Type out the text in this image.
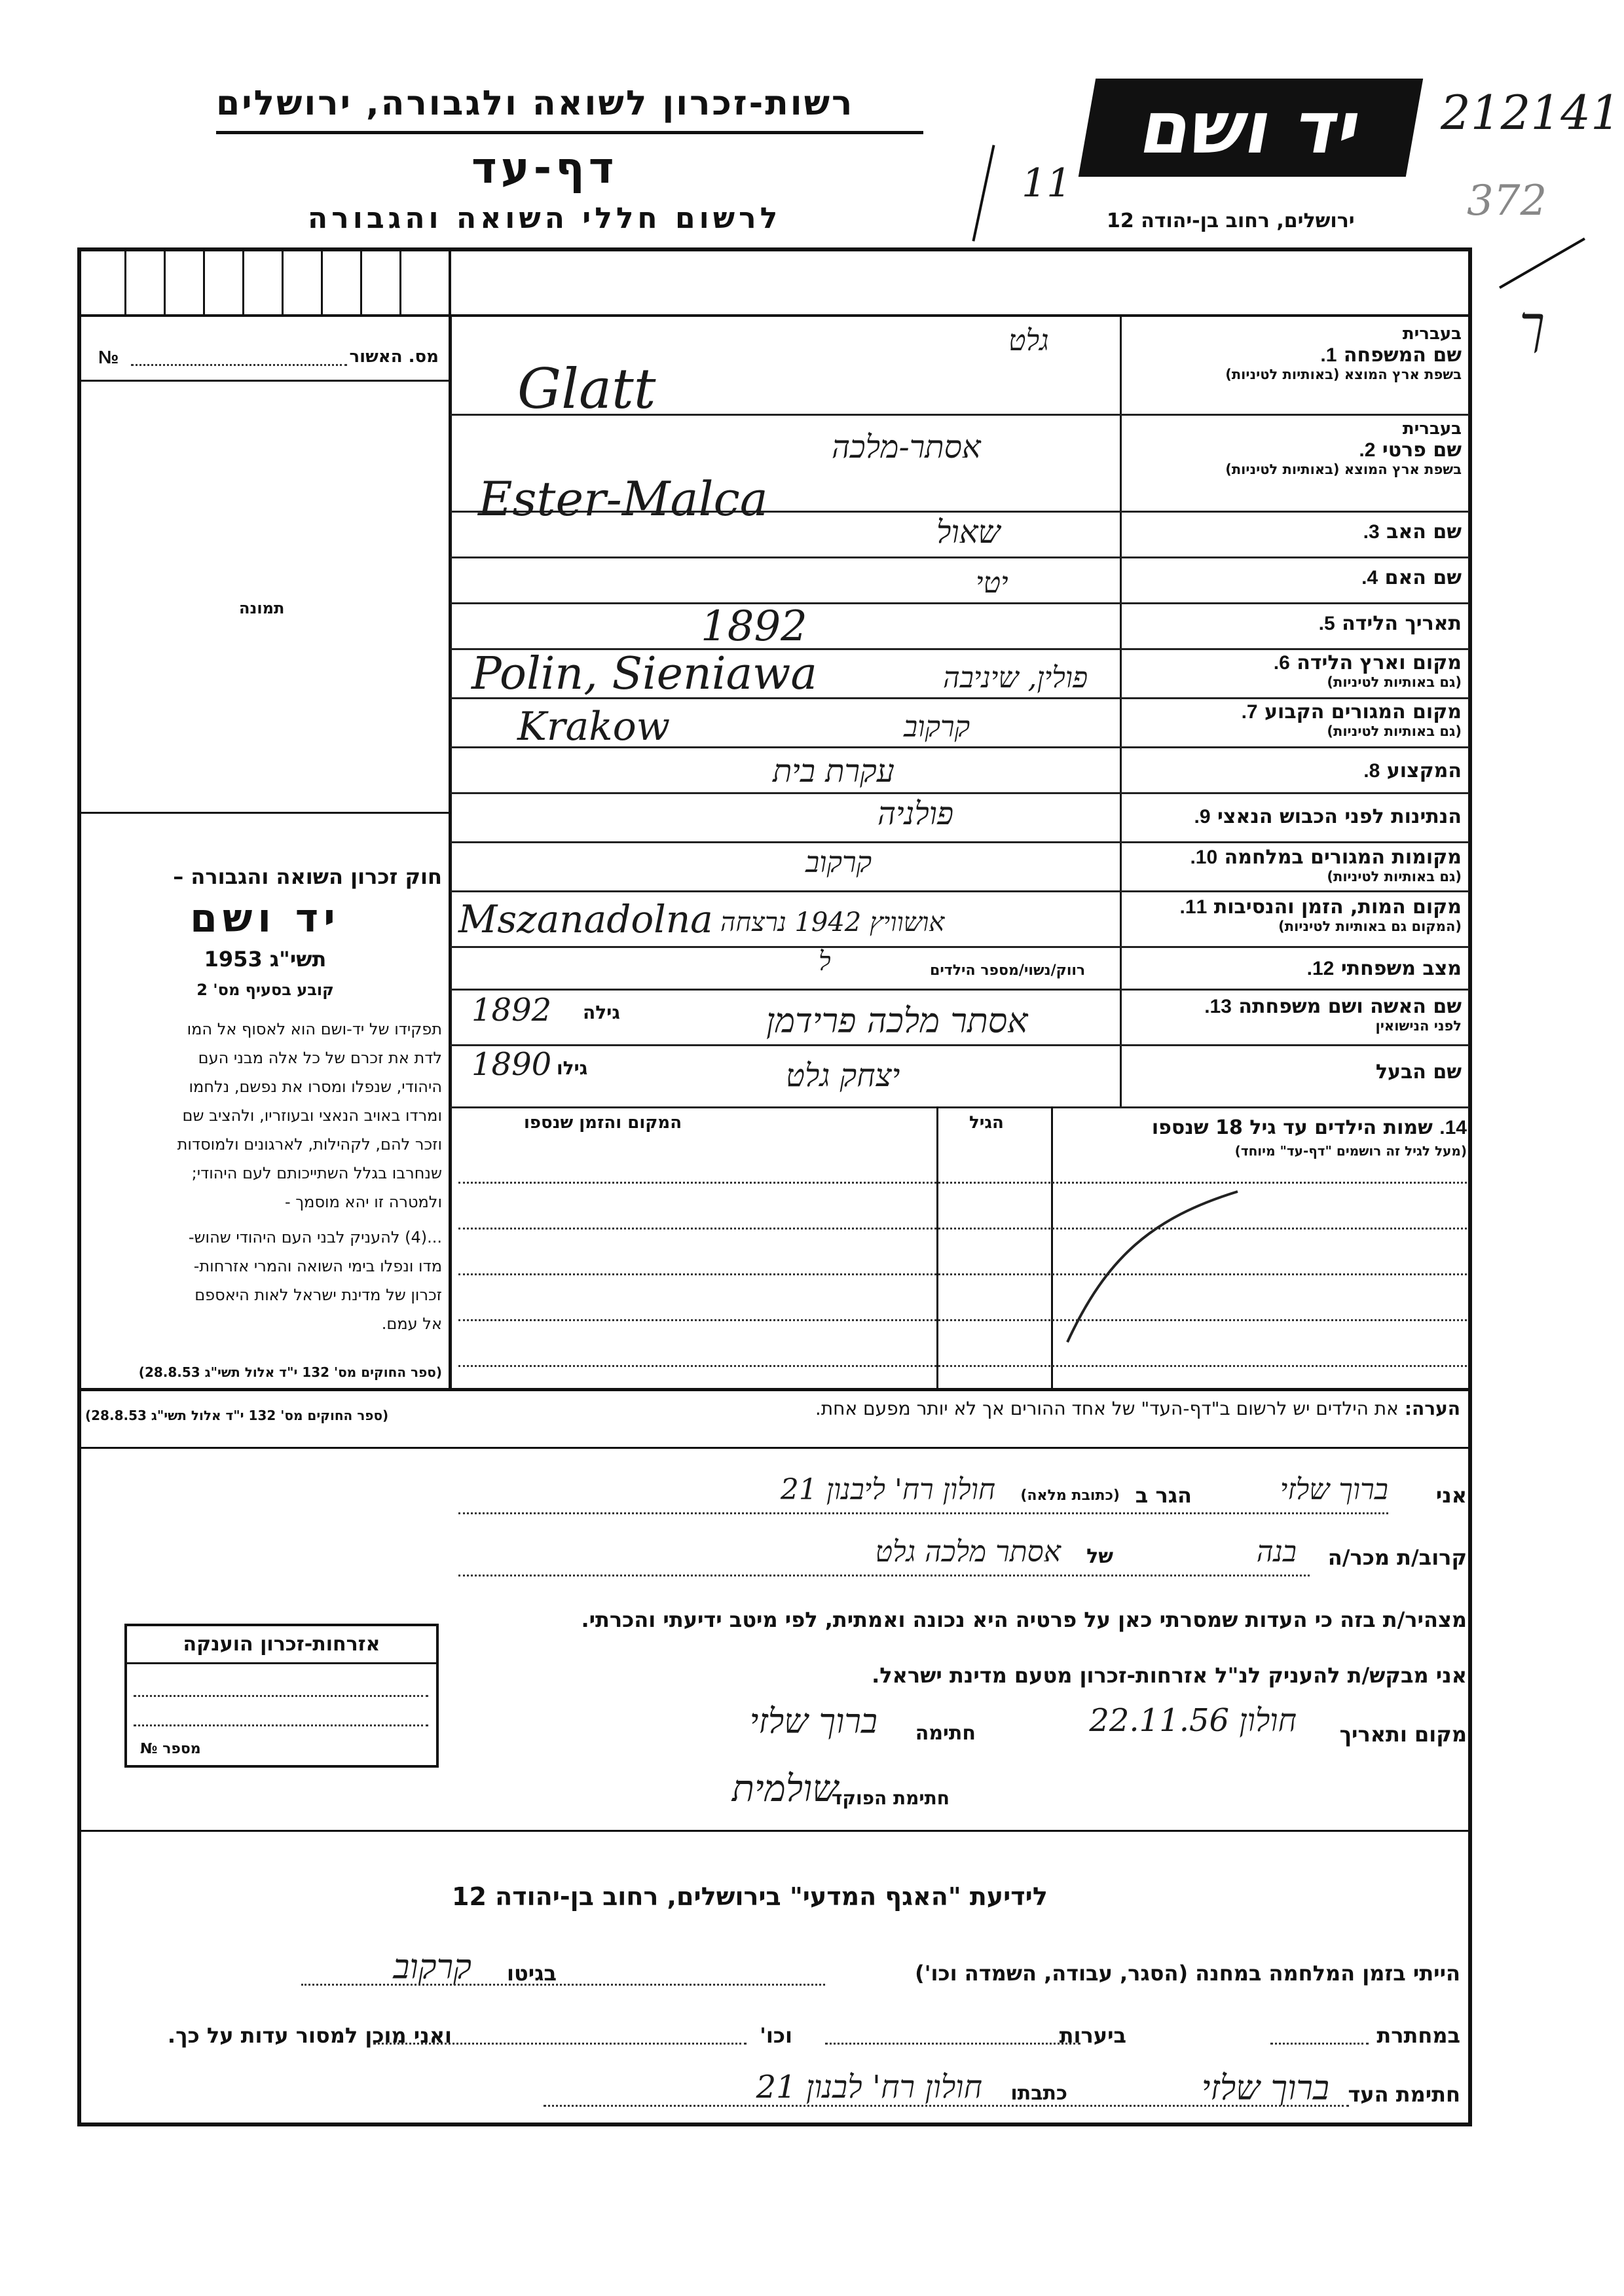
רשות-זכרון לשואה ולגבורה, ירושלים
דף-עד
לרשום חללי השואה והגבורה
יד ושם
ירושלים, רחוב בן-יהודה 12
212141
372
11
ך
№	מס. האשור
תמונה
חוק זכרון השואה והגבורה –
יד ושם
תשי"ג 1953
קובע בסעיף מס' 2
תפקידו של יד-ושם הוא לאסוף אל המו
לדת את זכרם של כל אלה מבני העם
היהודי, שנפלו ומסרו את נפשם, נלחמו
ומרדו באויב הנאצי ובעוזריו, ולהציב שם
וזכר להם, לקהילות, לארגונים ולמוסדות
שנחרבו בגלל השתייכותם לעם היהודי;
ולמטרה זו יהא מוסמך -
...(4) להעניק לבני העם היהודי שהוש-
מדו ונפלו בימי השואה והמרי אזרחות-
זכרון של מדינת ישראל לאות היאספם
אל עמם.
(ספר החוקים מס' 132 י"ד אלול תשי"ג 28.8.53)
בעברית
שם המשפחה 1.
בשפת ארץ המוצא (באותיות לטיניות)
גלט
Glatt
בעברית
שם פרטי 2.
בשפת ארץ המוצא (באותיות לטיניות)
אסתר-מלכה
Ester-Malca
שם האב 3.
שאול
שם האם 4.
יטי
תאריך הלידה 5.
1892
מקום וארץ הלידה 6.
(גם באותיות לטיניות)
Polin, Sieniawa	פולין, שיניבה
מקום המגורים הקבוע 7.
(גם באותיות לטיניות)
Krakow	קרקוב
המקצוע 8.
עקרת בית
הנתינות לפני הכבוש הנאצי 9.
פולניה
מקומות המגורים במלחמה 10.
(גם באותיות לטיניות)
קרקוב
מקום המות, הזמן והנסיבות 11.
(המקום גם באותיות לטיניות)
Mszanadolna אושוויץ 1942 נרצחה
מצב משפחתי 12.
רווק/נשוי/מספר הילדים
ל
שם האשה ושם משפחתה 13.
לפני הנישואין
1892 גילה	אסתר מלכה פרידמן
שם הבעל
1890 גילו	יצחק גלט
14. שמות הילדים עד גיל 18 שנספו
(מעל לגיל זה רושמים "דף-עד" מיוחד)
הגיל
המקום והזמן שנספו
הערה: את הילדים יש לרשום ב"דף-העד" של אחד ההורים אך לא יותר מפעם אחת.
(ספר החוקים מס' 132 י"ד אלול תשי"ג 28.8.53)
אני
ברוך שלזי
הגר ב
(כתובת מלאה)
חולון רח' ליבנון 21
קרוב/ת מכר/ה
בנה
של
אסתר מלכה גלט
מצהיר/ת בזה כי העדות שמסרתי כאן על פרטיה היא נכונה ואמתית, לפי מיטב ידיעתי והכרתי.
אני מבקש/ת להעניק לנ"ל אזרחות-זכרון מטעם מדינת ישראל.
מקום ותאריך
חולון 22.11.56
חתימה
ברוך שלזי
חתימת הפוקד
שולמית
אזרחות-זכרון הוענקה
מספר №
לידיעת "האגף המדעי" בירושלים, רחוב בן-יהודה 12
הייתי בזמן המלחמה במחנה (הסגר, עבודה, השמדה וכו')
בגיטו
קרקוב
במחתרת
ביערות
וכו'
ואני מוכן למסור עדות על כך.
חתימת העד
ברוך שלזי
כתבתו
חולון רח' לבנון 21
